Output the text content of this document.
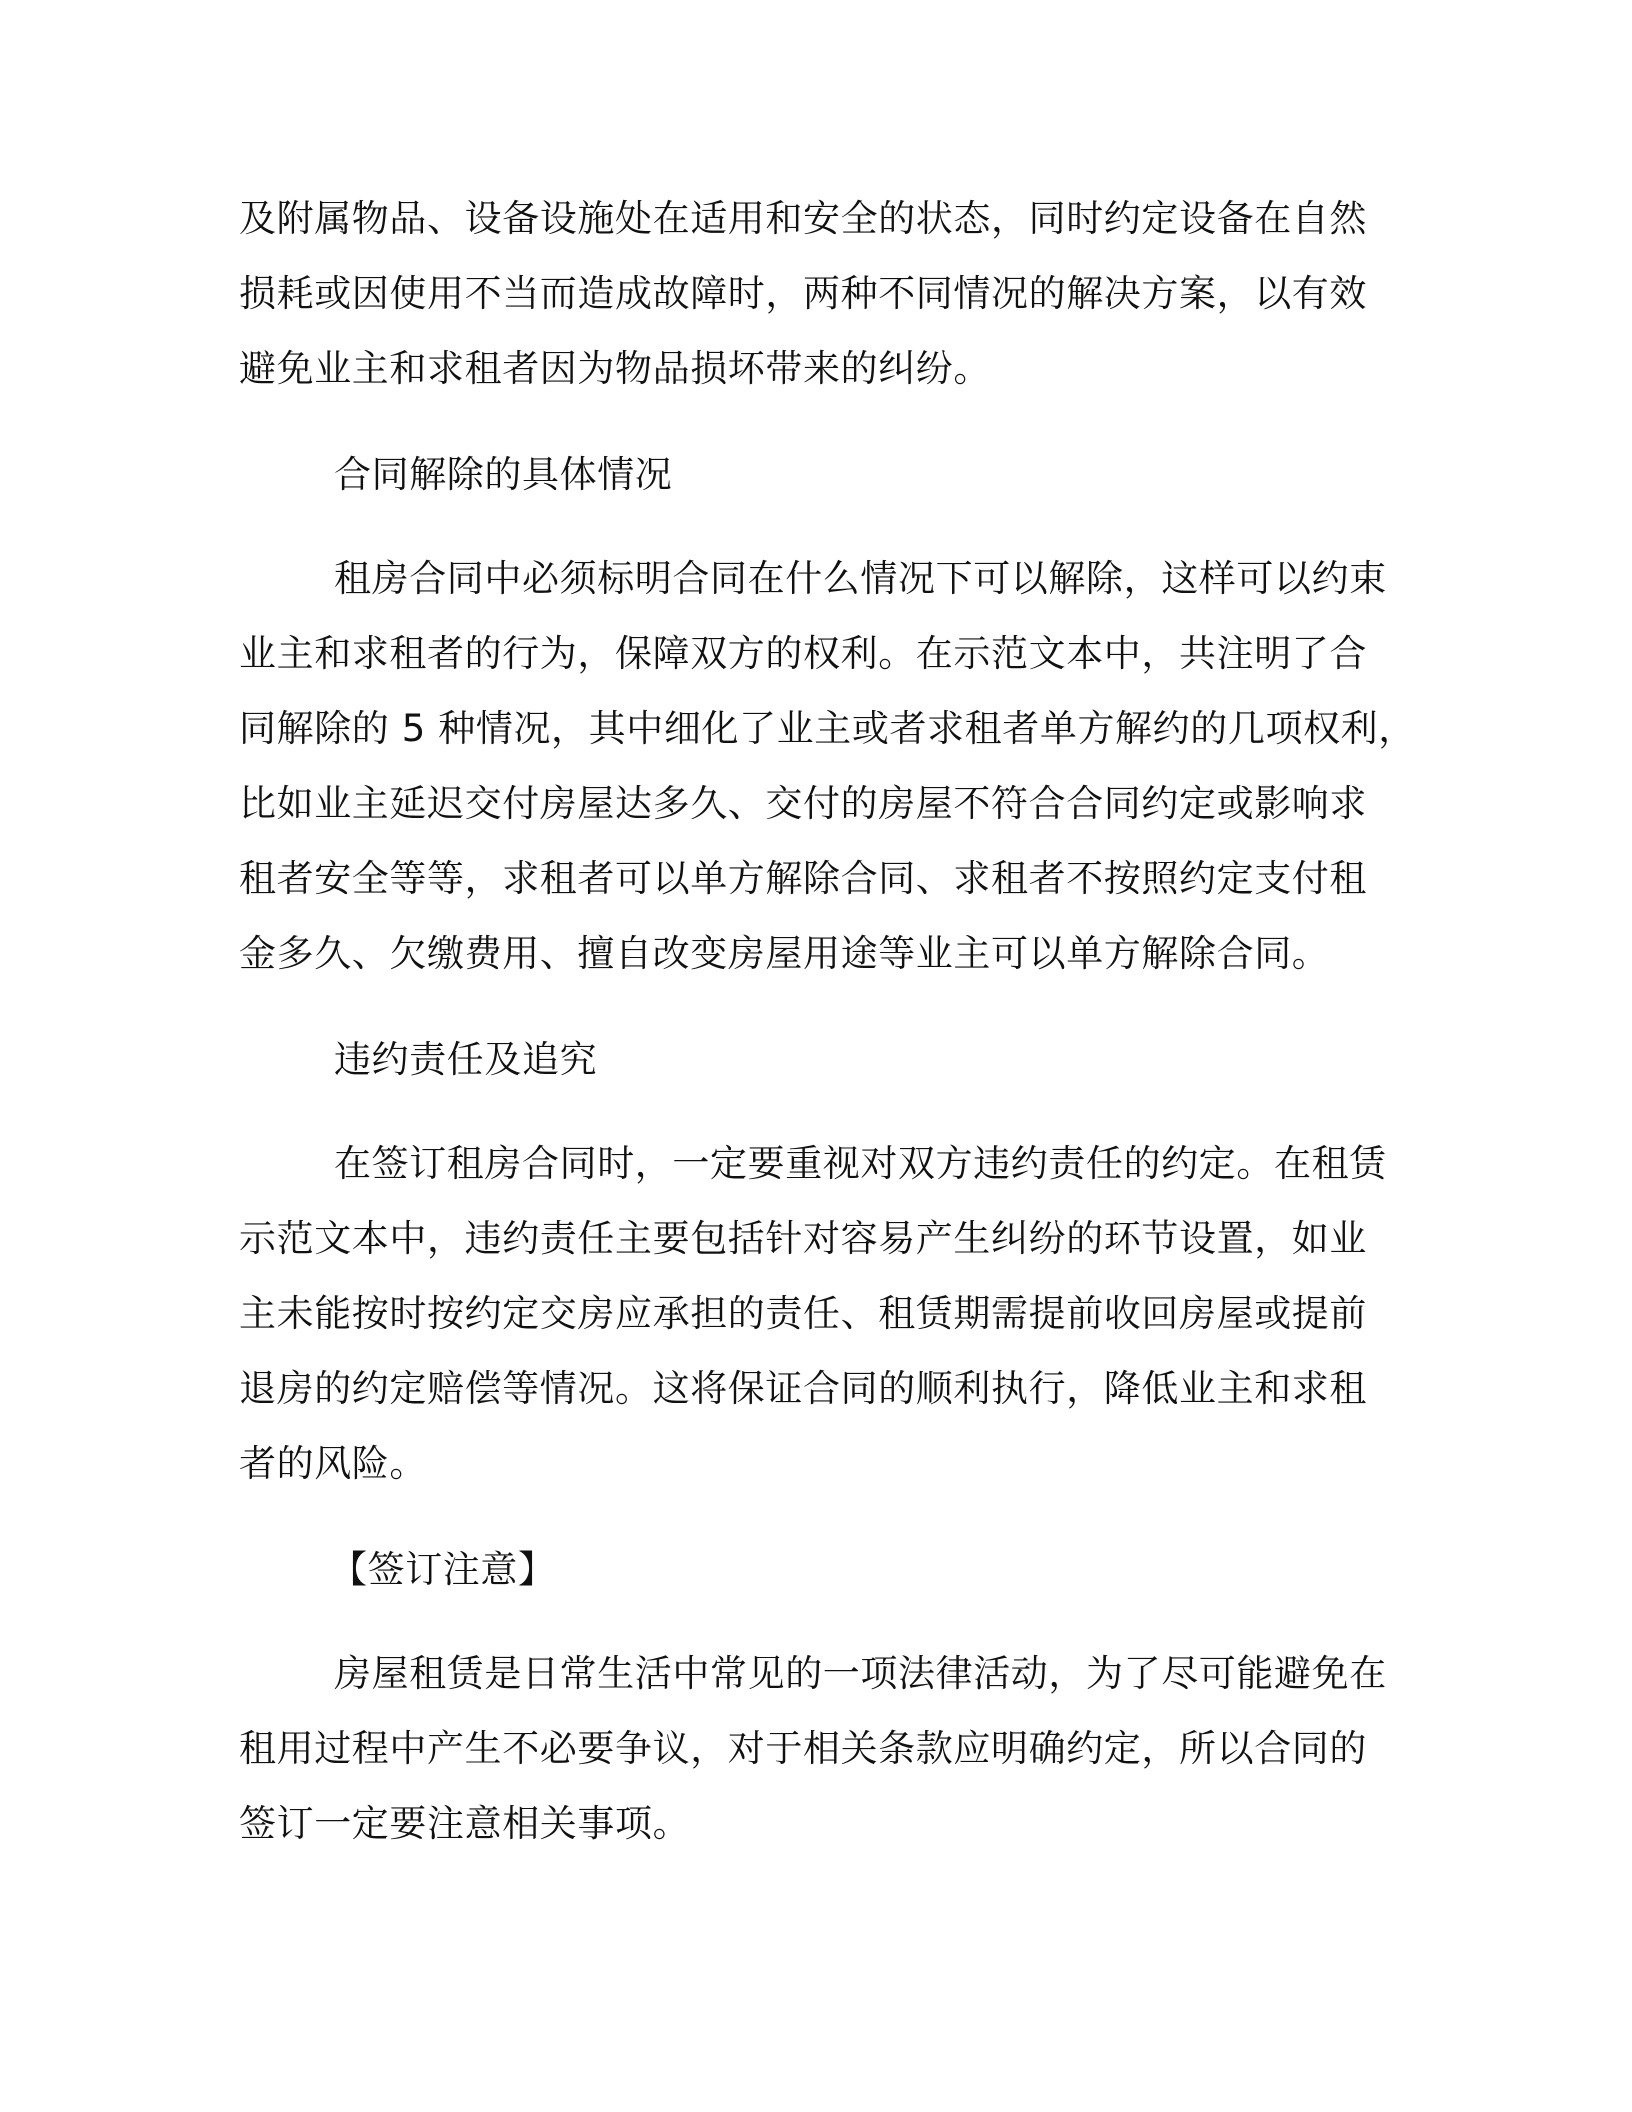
及附属物品、设备设施处在适用和安全的状态，同时约定设备在自然
损耗或因使用不当而造成故障时，两种不同情况的解决方案，以有效
避免业主和求租者因为物品损坏带来的纠纷。
合同解除的具体情况
租房合同中必须标明合同在什么情况下可以解除，这样可以约束
业主和求租者的行为，保障双方的权利。在示范文本中，共注明了合
同解除的 5 种情况，其中细化了业主或者求租者单方解约的几项权利，
比如业主延迟交付房屋达多久、交付的房屋不符合合同约定或影响求
租者安全等等，求租者可以单方解除合同、求租者不按照约定支付租
金多久、欠缴费用、擅自改变房屋用途等业主可以单方解除合同。
违约责任及追究
在签订租房合同时，一定要重视对双方违约责任的约定。在租赁
示范文本中，违约责任主要包括针对容易产生纠纷的环节设置，如业
主未能按时按约定交房应承担的责任、租赁期需提前收回房屋或提前
退房的约定赔偿等情况。这将保证合同的顺利执行，降低业主和求租
者的风险。
【签订注意】
房屋租赁是日常生活中常见的一项法律活动，为了尽可能避免在
租用过程中产生不必要争议，对于相关条款应明确约定，所以合同的
签订一定要注意相关事项。
